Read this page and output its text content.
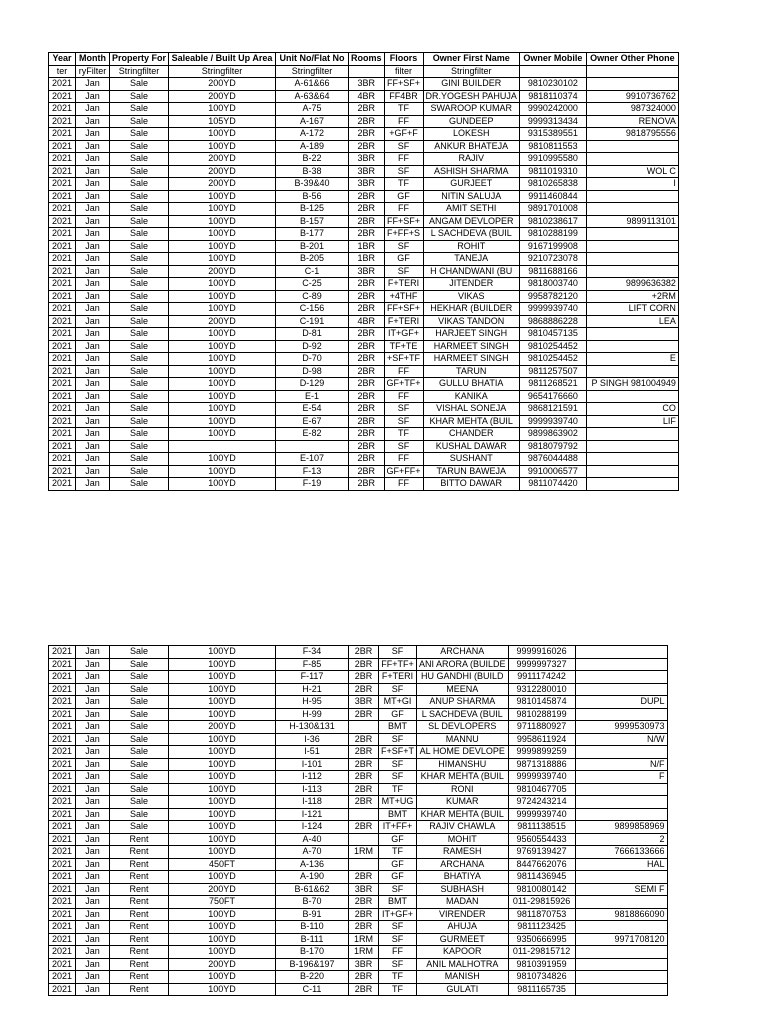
Year	Month	Property For	Saleable / Built Up Area	Unit No/Flat No	Rooms	Floors	Owner First Name	Owner Mobile	Owner Other Phone
ter	ryFilter	Stringfilter	Stringfilter	Stringfilter		filter	Stringfilter		
2021	Jan	Sale	200YD	A-61&66	3BR	FF+SF+	GINI BUILDER	9810230102	
2021	Jan	Sale	200YD	A-63&64	4BR	FF4BR	DR.YOGESH PAHUJA	9818110374	9910736762
2021	Jan	Sale	100YD	A-75	2BR	TF	SWAROOP KUMAR	9990242000	987324000
2021	Jan	Sale	105YD	A-167	2BR	FF	GUNDEEP	9999313434	RENOVA
2021	Jan	Sale	100YD	A-172	2BR	+GF+F	LOKESH	9315389551	9818795556
2021	Jan	Sale	100YD	A-189	2BR	SF	ANKUR BHATEJA	9810811553	
2021	Jan	Sale	200YD	B-22	3BR	FF	RAJIV	9910995580	
2021	Jan	Sale	200YD	B-38	3BR	SF	ASHISH SHARMA	9811019310	WOL C
2021	Jan	Sale	200YD	B-39&40	3BR	TF	GURJEET	9810265838	I
2021	Jan	Sale	100YD	B-56	2BR	GF	NITIN SALUJA	9911460844	
2021	Jan	Sale	100YD	B-125	2BR	FF	AMIT SETHI	9891701008	
2021	Jan	Sale	100YD	B-157	2BR	FF+SF+	ANGAM DEVLOPER	9810238617	9899113101
2021	Jan	Sale	100YD	B-177	2BR	F+FF+S	L SACHDEVA (BUIL	9810288199	
2021	Jan	Sale	100YD	B-201	1BR	SF	ROHIT	9167199908	
2021	Jan	Sale	100YD	B-205	1BR	GF	TANEJA	9210723078	
2021	Jan	Sale	200YD	C-1	3BR	SF	H CHANDWANI (BU	9811688166	
2021	Jan	Sale	100YD	C-25	2BR	F+TERI	JITENDER	9818003740	9899636382
2021	Jan	Sale	100YD	C-89	2BR	+4THF	VIKAS	9958782120	+2RM
2021	Jan	Sale	100YD	C-156	2BR	FF+SF+	HEKHAR (BUILDER	9999939740	LIFT CORN
2021	Jan	Sale	200YD	C-191	4BR	F+TERI	VIKAS TANDON	9868886228	LEA
2021	Jan	Sale	100YD	D-81	2BR	IT+GF+	HARJEET SINGH	9810457135	
2021	Jan	Sale	100YD	D-92	2BR	TF+TE	HARMEET SINGH	9810254452	
2021	Jan	Sale	100YD	D-70	2BR	+SF+TF	HARMEET SINGH	9810254452	E
2021	Jan	Sale	100YD	D-98	2BR	FF	TARUN	9811257507	
2021	Jan	Sale	100YD	D-129	2BR	GF+TF+	GULLU BHATIA	9811268521	P SINGH 981004949
2021	Jan	Sale	100YD	E-1	2BR	FF	KANIKA	9654176660	
2021	Jan	Sale	100YD	E-54	2BR	SF	VISHAL SONEJA	9868121591	CO
2021	Jan	Sale	100YD	E-67	2BR	SF	KHAR MEHTA (BUIL	9999939740	LIF
2021	Jan	Sale	100YD	E-82	2BR	TF	CHANDER	9899863902	
2021	Jan	Sale			2BR	SF	KUSHAL DAWAR	9818079792	
2021	Jan	Sale	100YD	E-107	2BR	FF	SUSHANT	9876044488	
2021	Jan	Sale	100YD	F-13	2BR	GF+FF+	TARUN BAWEJA	9910006577	
2021	Jan	Sale	100YD	F-19	2BR	FF	BITTO DAWAR	9811074420	
2021	Jan	Sale	100YD	F-34	2BR	SF	ARCHANA	9999916026	
2021	Jan	Sale	100YD	F-85	2BR	FF+TF+	ANI ARORA (BUILDE	9999997327	
2021	Jan	Sale	100YD	F-117	2BR	F+TERI	HU GANDHI (BUILD	9911174242	
2021	Jan	Sale	100YD	H-21	2BR	SF	MEENA	9312280010	
2021	Jan	Sale	100YD	H-95	3BR	MT+GI	ANUP SHARMA	9810145874	DUPL
2021	Jan	Sale	100YD	H-99	2BR	GF	L SACHDEVA (BUIL	9810288199	
2021	Jan	Sale	200YD	H-130&131		BMT	SL DEVLOPERS	9711880927	9999530973
2021	Jan	Sale	100YD	I-36	2BR	SF	MANNU	9958611924	N/W
2021	Jan	Sale	100YD	I-51	2BR	F+SF+T	AL HOME DEVLOPE	9999899259	
2021	Jan	Sale	100YD	I-101	2BR	SF	HIMANSHU	9871318886	N/F
2021	Jan	Sale	100YD	I-112	2BR	SF	KHAR MEHTA (BUIL	9999939740	F
2021	Jan	Sale	100YD	I-113	2BR	TF	RONI	9810467705	
2021	Jan	Sale	100YD	I-118	2BR	MT+UG	KUMAR	9724243214	
2021	Jan	Sale	100YD	I-121		BMT	KHAR MEHTA (BUIL	9999939740	
2021	Jan	Sale	100YD	I-124	2BR	IT+FF+	RAJIV CHAWLA	9811138515	9899858969
2021	Jan	Rent	100YD	A-40		GF	MOHIT	9560554433	2
2021	Jan	Rent	100YD	A-70	1RM	TF	RAMESH	9769139427	7666133666
2021	Jan	Rent	450FT	A-136		GF	ARCHANA	8447662076	HAL
2021	Jan	Rent	100YD	A-190	2BR	GF	BHATIYA	9811436945	
2021	Jan	Rent	200YD	B-61&62	3BR	SF	SUBHASH	9810080142	SEMI F
2021	Jan	Rent	750FT	B-70	2BR	BMT	MADAN	011-29815926	
2021	Jan	Rent	100YD	B-91	2BR	IT+GF+	VIRENDER	9811870753	9818866090
2021	Jan	Rent	100YD	B-110	2BR	SF	AHUJA	9811123425	
2021	Jan	Rent	100YD	B-111	1RM	SF	GURMEET	9350666995	9971708120
2021	Jan	Rent	100YD	B-170	1RM	FF	KAPOOR	011-29815712	
2021	Jan	Rent	200YD	B-196&197	3BR	SF	ANIL MALHOTRA	9810391959	
2021	Jan	Rent	100YD	B-220	2BR	TF	MANISH	9810734826	
2021	Jan	Rent	100YD	C-11	2BR	TF	GULATI	9811165735	
